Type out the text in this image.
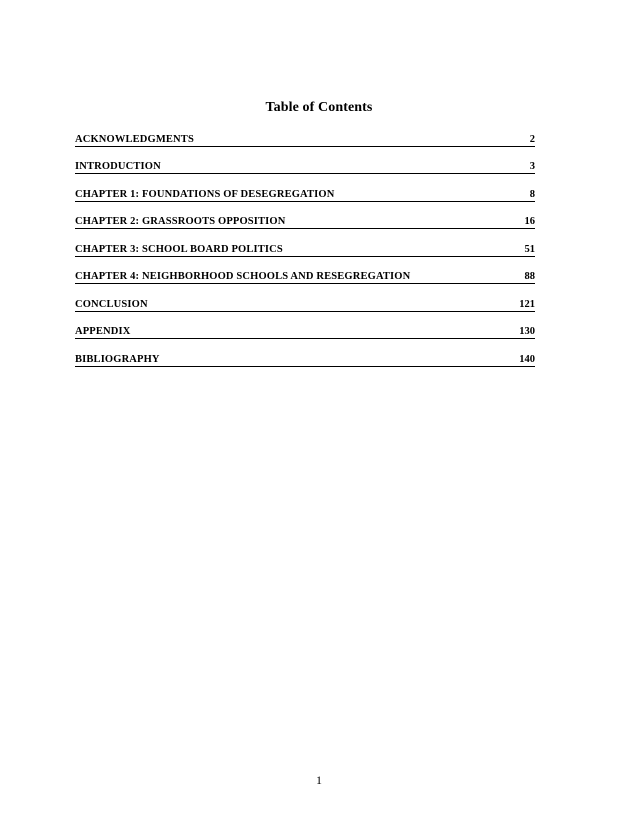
Table of Contents
ACKNOWLEDGMENTS	2
INTRODUCTION	3
CHAPTER 1: FOUNDATIONS OF DESEGREGATION	8
CHAPTER 2: GRASSROOTS OPPOSITION	16
CHAPTER 3: SCHOOL BOARD POLITICS	51
CHAPTER 4: NEIGHBORHOOD SCHOOLS AND RESEGREGATION	88
CONCLUSION	121
APPENDIX	130
BIBLIOGRAPHY	140
1
